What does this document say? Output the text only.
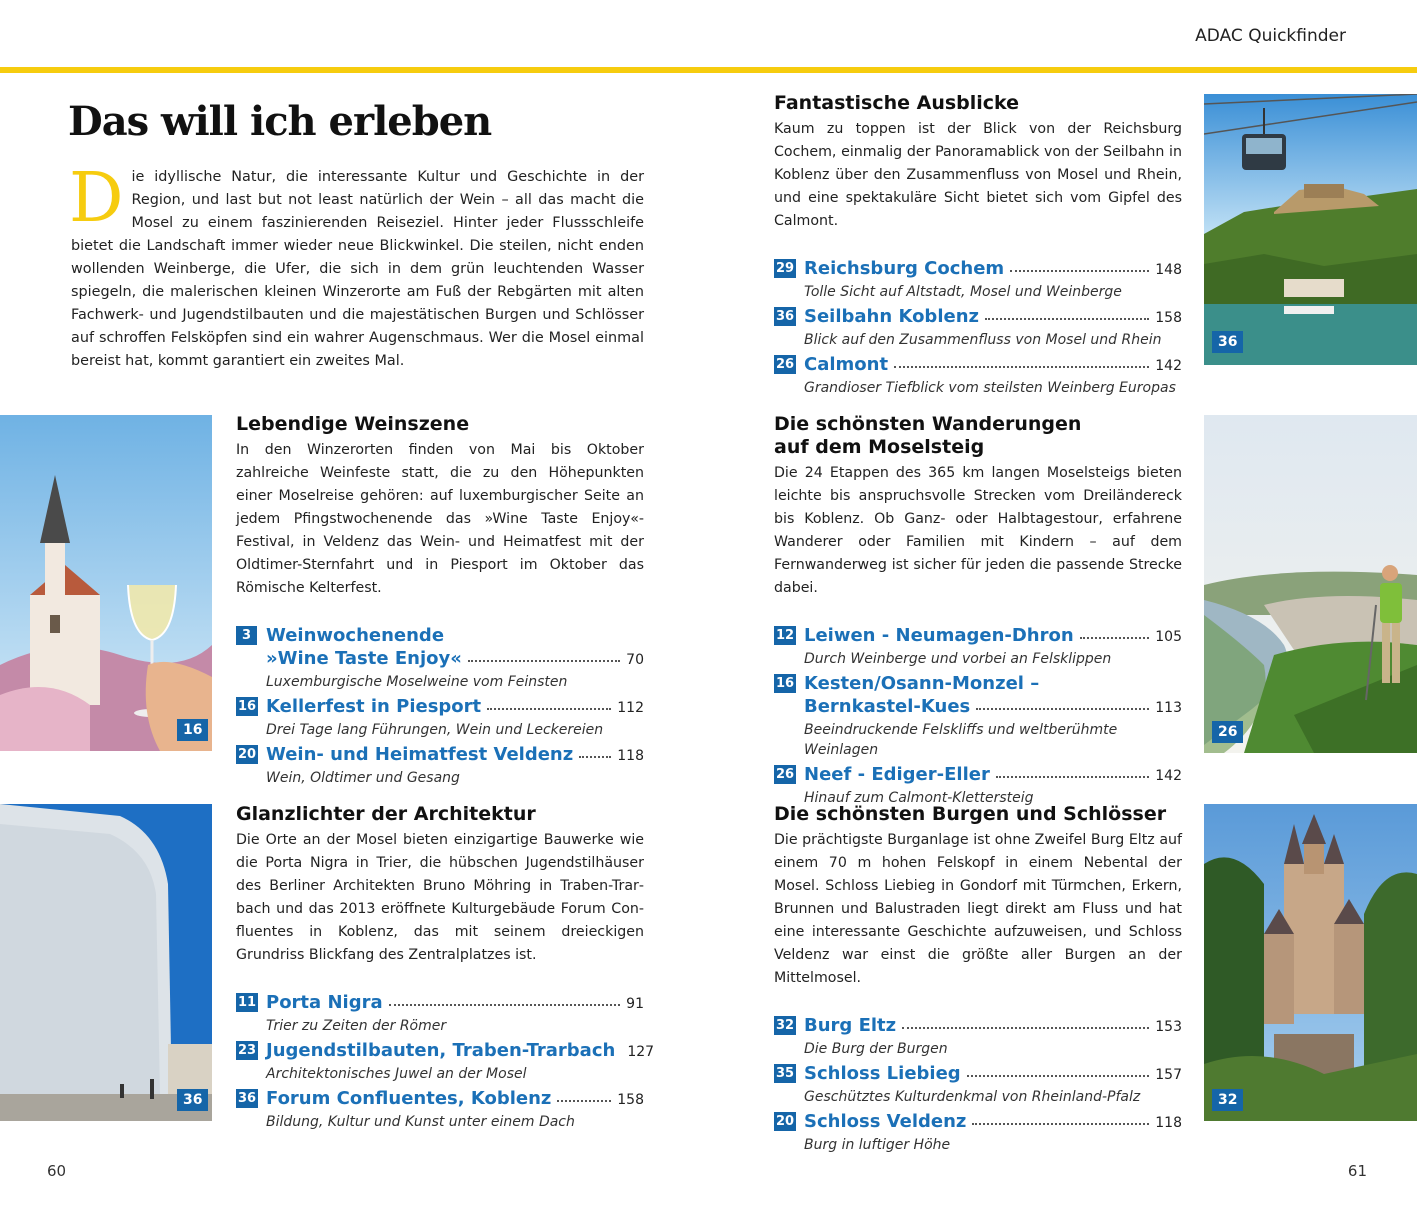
ADAC Quickfinder
Das will ich erleben
Die idyllische Natur, die interessante Kultur und Geschichte in der Region, und last but not least natürlich der Wein – all das macht die Mosel zu einem faszinierenden Reiseziel. Hinter jeder Flussschleife bietet die Landschaft immer wieder neue Blickwinkel. Die steilen, nicht enden wollenden Weinberge, die Ufer, die sich in dem grün leuchtenden Wasser spiegeln, die malerischen kleinen Winzerorte am Fuß der Rebgärten mit alten Fachwerk- und Jugendstilbauten und die majestätischen Burgen und Schlösser auf schroffen Felsköpfen sind ein wahrer Augenschmaus. Wer die Mosel einmal bereist hat, kommt garantiert ein zweites Mal.
36
Fantastische Ausblicke

Kaum zu toppen ist der Blick von der Reichsburg Cochem, einmalig der Panoramablick von der Seilbahn in Koblenz über den Zusammenfluss von Mosel und Rhein, und eine spektakuläre Sicht bietet sich vom Gipfel des Calmont.

29 Reichsburg Cochem	148
Tolle Sicht auf Altstadt, Mosel und Weinberge
36 Seilbahn Koblenz	158
Blick auf den Zusammenfluss von Mosel und Rhein
26 Calmont	142
Grandioser Tiefblick vom steilsten Weinberg Europas
16
Lebendige Weinszene

In den Winzerorten finden von Mai bis Oktober zahlreiche Weinfeste statt, die zu den Höhepunkten einer Moselreise gehören: auf luxemburgischer Seite an jedem Pfingstwochenende das »Wine Taste Enjoy«-Festival, in Veldenz das Wein- und Heimatfest mit der Oldtimer-Sternfahrt und in Piesport im Oktober das Römische Kelterfest.

3 Weinwochenende
»Wine Taste Enjoy«	70
Luxemburgische Moselweine vom Feinsten
16 Kellerfest in Piesport	112
Drei Tage lang Führungen, Wein und Leckereien
20 Wein- und Heimatfest Veldenz	118
Wein, Oldtimer und Gesang
26
Die schönsten Wanderungen auf dem Moselsteig

Die 24 Etappen des 365 km langen Moselsteigs bieten leichte bis anspruchsvolle Strecken vom Dreiländereck bis Koblenz. Ob Ganz- oder Halbtagestour, erfahrene Wanderer oder Familien mit Kindern – auf dem Fernwanderweg ist sicher für jeden die passende Strecke dabei.

12 Leiwen - Neumagen-Dhron	105
Durch Weinberge und vorbei an Felsklippen
16 Kesten/Osann-Monzel –
Bernkastel-Kues	113
Beeindruckende Felskliffs und weltberühmte Weinlagen
26 Neef - Ediger-Eller	142
Hinauf zum Calmont-Klettersteig
36
Glanzlichter der Architektur

Die Orte an der Mosel bieten einzigartige Bauwerke wie die Porta Nigra in Trier, die hübschen Jugendstilhäuser des Berliner Architekten Bruno Möhring in Traben-Trarbach und das 2013 eröffnete Kulturgebäude Forum Confluentes in Koblenz, das mit seinem dreieckigen Grundriss Blickfang des Zentralplatzes ist.

11 Porta Nigra	91
Trier zu Zeiten der Römer
23 Jugendstilbauten, Traben-Trarbach 127
Architektonisches Juwel an der Mosel
36 Forum Confluentes, Koblenz	158
Bildung, Kultur und Kunst unter einem Dach
32
Die schönsten Burgen und Schlösser

Die prächtigste Burganlage ist ohne Zweifel Burg Eltz auf einem 70 m hohen Felskopf in einem Nebental der Mosel. Schloss Liebieg in Gondorf mit Türmchen, Erkern, Brunnen und Balustraden liegt direkt am Fluss und hat eine interessante Geschichte aufzuweisen, und Schloss Veldenz war einst die größte aller Burgen an der Mittelmosel.

32 Burg Eltz	153
Die Burg der Burgen
35 Schloss Liebieg	157
Geschütztes Kulturdenkmal von Rheinland-Pfalz
20 Schloss Veldenz	118
Burg in luftiger Höhe
60	61
